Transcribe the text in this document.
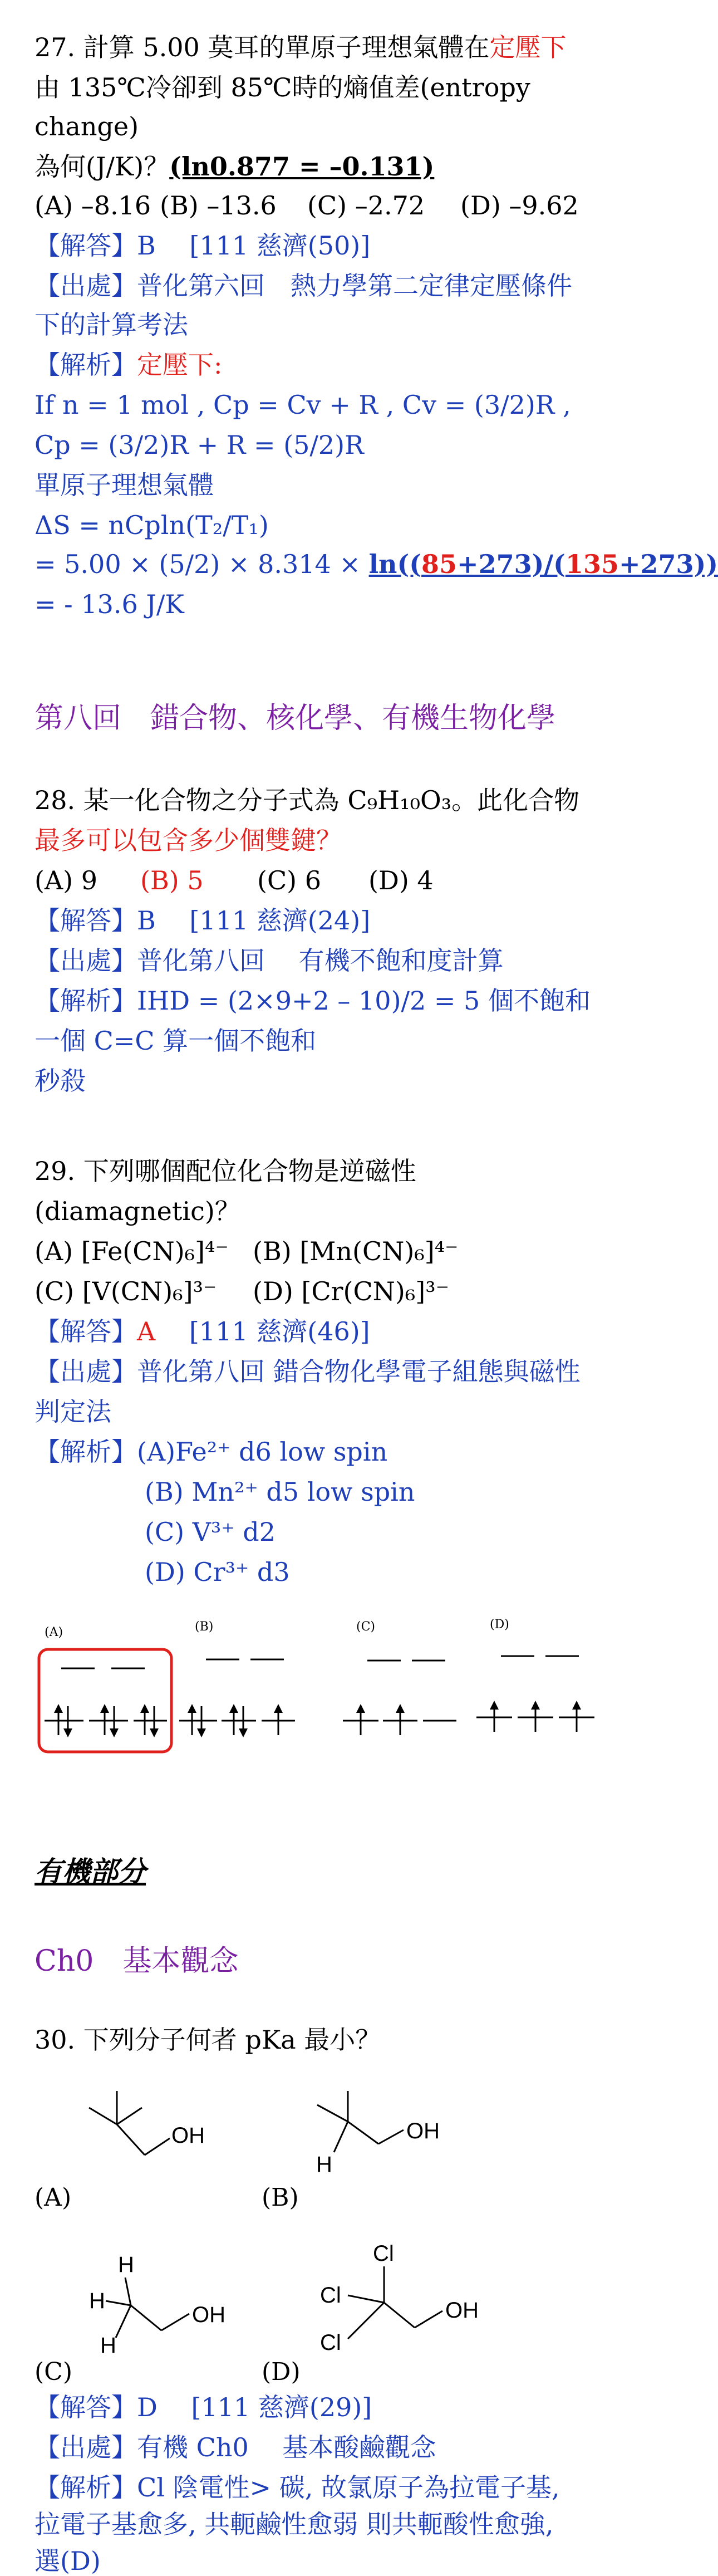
27. 計算 5.00 莫耳的單原子理想氣體在定壓下
由 135℃冷卻到 85℃時的熵值差(entropy
change)
為何(J/K)？(ln0.877 = –0.131)
(A) –8.16 (B) –13.6 (C) –2.72 (D) –9.62
【解答】B　 [111 慈濟(50)]
【出處】普化第六回　熱力學第二定律定壓條件
下的計算考法
【解析】定壓下:
If n = 1 mol , Cp = Cv + R , Cv = (3/2)R ,
Cp = (3/2)R + R = (5/2)R
單原子理想氣體
ΔS = nCpln(T₂/T₁)
= 5.00 × (5/2) × 8.314 × ln((85+273)/(135+273))
= - 13.6 J/K
第八回　錯合物、核化學、有機生物化學
28. 某一化合物之分子式為 C₉H₁₀O₃。此化合物
最多可以包含多少個雙鍵？
(A) 9 (B) 5 (C) 6 (D) 4
【解答】B　 [111 慈濟(24)]
【出處】普化第八回　 有機不飽和度計算
【解析】IHD = (2×9+2 – 10)/2 = 5 個不飽和
一個 C=C 算一個不飽和
秒殺
29. 下列哪個配位化合物是逆磁性
(diamagnetic)？
(A) [Fe(CN)₆]⁴⁻ (B) [Mn(CN)₆]⁴⁻
(C) [V(CN)₆]³⁻ (D) [Cr(CN)₆]³⁻
【解答】A　 [111 慈濟(46)]
【出處】普化第八回 錯合物化學電子組態與磁性
判定法
【解析】(A)Fe²⁺ d6 low spin
(B) Mn²⁺ d5 low spin
(C) V³⁺ d2
(D) Cr³⁺ d3
(A)	(B)	(C)	(D)
有機部分
Ch0　基本觀念
30. 下列分子何者 pKa 最小？
(A)
OH
(B)
H
OH
(C)
H
H
H
OH
(D)
Cl
Cl
Cl
OH
【解答】D　 [111 慈濟(29)]
【出處】有機 Ch0　 基本酸鹼觀念
【解析】Cl 陰電性> 碳, 故氯原子為拉電子基,
拉電子基愈多, 共軛鹼性愈弱 則共軛酸性愈強,
選(D)
